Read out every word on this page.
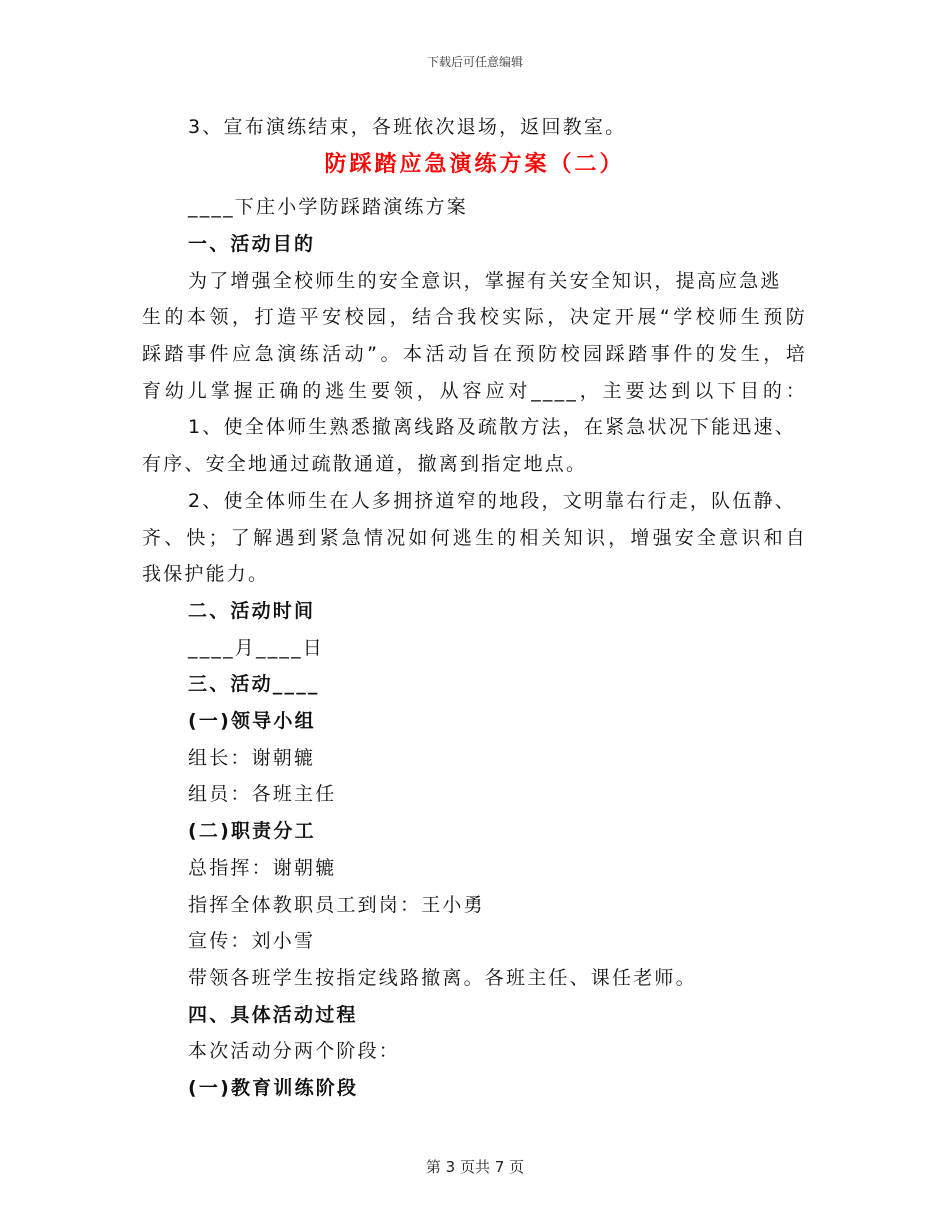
下载后可任意编辑
3、宣布演练结束，各班依次退场，返回教室。
防踩踏应急演练方案（二）
____下庄小学防踩踏演练方案
一、活动目的
为了增强全校师生的安全意识，掌握有关安全知识，提高应急逃
生的本领，打造平安校园，结合我校实际，决定开展“学校师生预防
踩踏事件应急演练活动”。本活动旨在预防校园踩踏事件的发生，培
育幼儿掌握正确的逃生要领，从容应对____，主要达到以下目的：
1、使全体师生熟悉撤离线路及疏散方法，在紧急状况下能迅速、
有序、安全地通过疏散通道，撤离到指定地点。
2、使全体师生在人多拥挤道窄的地段，文明靠右行走，队伍静、
齐、快；了解遇到紧急情况如何逃生的相关知识，增强安全意识和自
我保护能力。
二、活动时间
____月____日
三、活动____
(一)领导小组
组长：谢朝辘
组员：各班主任
(二)职责分工
总指挥：谢朝辘
指挥全体教职员工到岗：王小勇
宣传：刘小雪
带领各班学生按指定线路撤离。各班主任、课任老师。
四、具体活动过程
本次活动分两个阶段：
(一)教育训练阶段
第 3 页共 7 页
